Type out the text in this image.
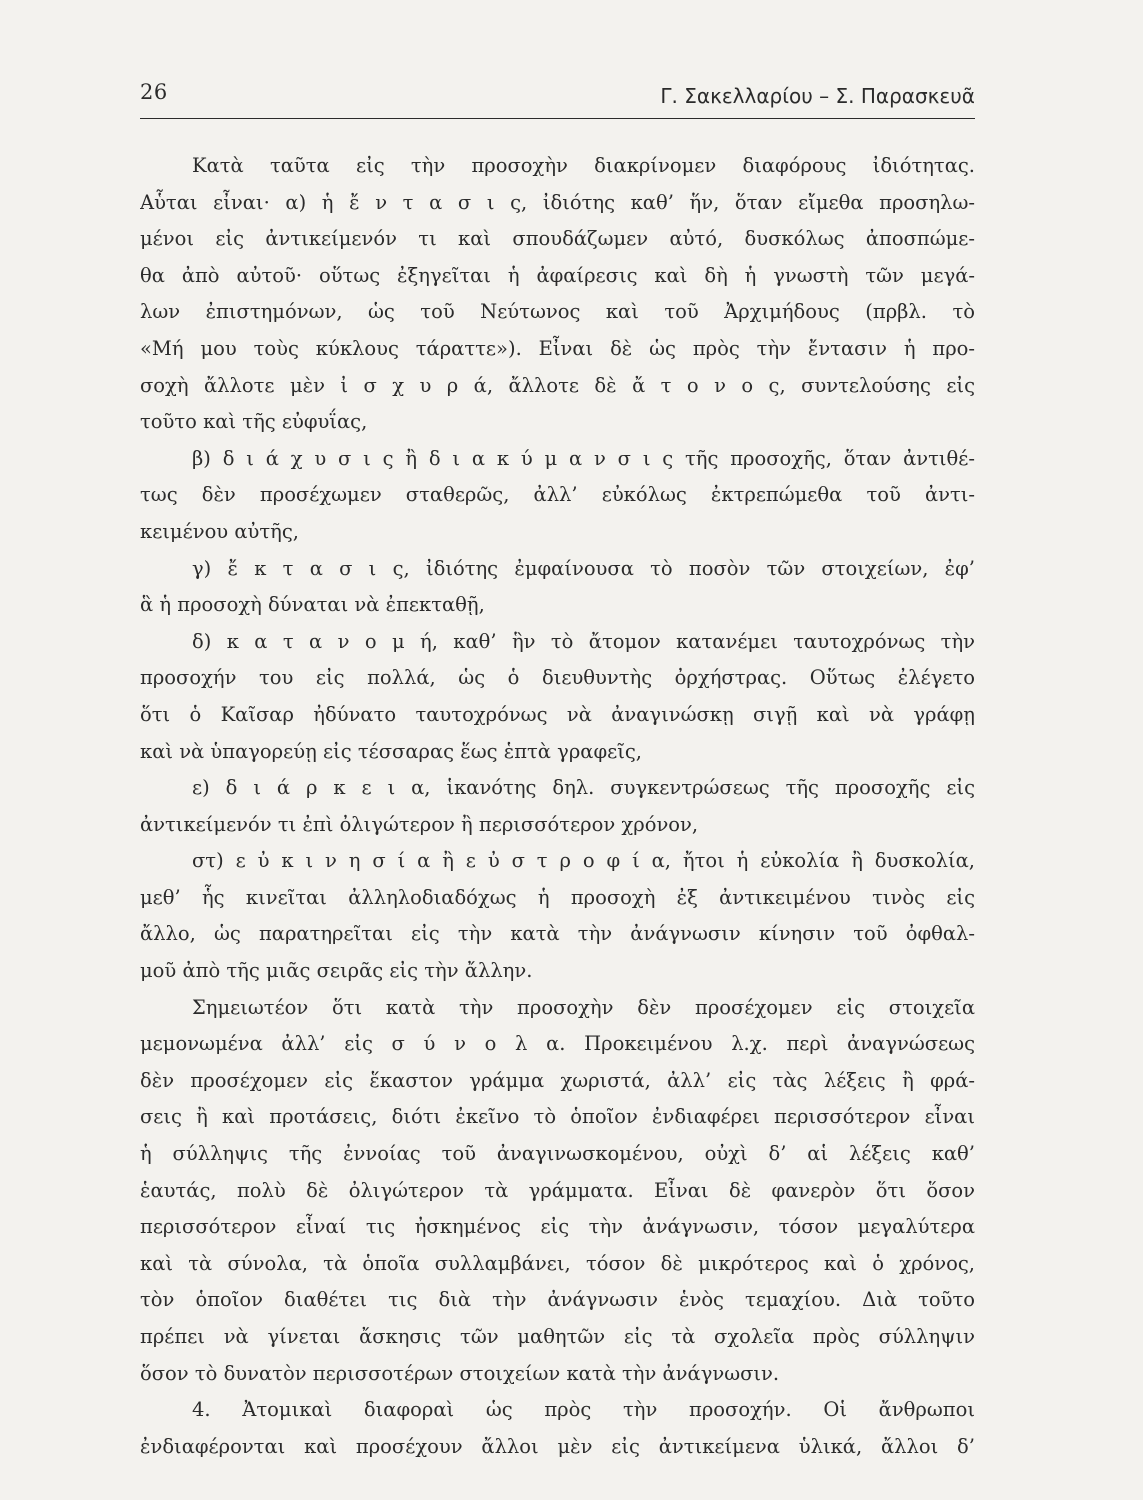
26	Γ. Σακελλαρίου – Σ. Παρασκευᾶ
Κατὰ ταῦτα εἰς τὴν προσοχὴν διακρίνομεν διαφόρους ἰδιότητας.
Αὗται εἶναι· α) ἡ ἔ ν τ α σ ι ς, ἰδιότης καθ’ ἥν, ὅταν εἴμεθα προσηλω-
μένοι εἰς ἀντικείμενόν τι καὶ σπουδάζωμεν αὐτό, δυσκόλως ἀποσπώμε-
θα ἀπὸ αὐτοῦ· οὕτως ἐξηγεῖται ἡ ἀφαίρεσις καὶ δὴ ἡ γνωστὴ τῶν μεγά-
λων ἐπιστημόνων, ὡς τοῦ Νεύτωνος καὶ τοῦ Ἀρχιμήδους (πρβλ. τὸ
«Μή μου τοὺς κύκλους τάραττε»). Εἶναι δὲ ὡς πρὸς τὴν ἔντασιν ἡ προ-
σοχὴ ἄλλοτε μὲν ἰ σ χ υ ρ ά, ἄλλοτε δὲ ἄ τ ο ν ο ς, συντελούσης εἰς
τοῦτο καὶ τῆς εὐφυΐας,
β) δ ι ά χ υ σ ι ς ἢ δ ι α κ ύ μ α ν σ ι ς τῆς προσοχῆς, ὅταν ἀντιθέ-
τως δὲν προσέχωμεν σταθερῶς, ἀλλ’ εὐκόλως ἐκτρεπώμεθα τοῦ ἀντι-
κειμένου αὐτῆς,
γ) ἔ κ τ α σ ι ς, ἰδιότης ἐμφαίνουσα τὸ ποσὸν τῶν στοιχείων, ἐφ’
ἃ ἡ προσοχὴ δύναται νὰ ἐπεκταθῇ,
δ) κ α τ α ν ο μ ή, καθ’ ἣν τὸ ἄτομον κατανέμει ταυτοχρόνως τὴν
προσοχήν του εἰς πολλά, ὡς ὁ διευθυντὴς ὀρχήστρας. Οὕτως ἐλέγετο
ὅτι ὁ Καῖσαρ ἠδύνατο ταυτοχρόνως νὰ ἀναγινώσκῃ σιγῇ καὶ νὰ γράφῃ
καὶ νὰ ὑπαγορεύῃ εἰς τέσσαρας ἕως ἑπτὰ γραφεῖς,
ε) δ ι ά ρ κ ε ι α, ἱκανότης δηλ. συγκεντρώσεως τῆς προσοχῆς εἰς
ἀντικείμενόν τι ἐπὶ ὀλιγώτερον ἢ περισσότερον χρόνον,
στ) ε ὐ κ ι ν η σ ί α ἢ ε ὐ σ τ ρ ο φ ί α, ἤτοι ἡ εὐκολία ἢ δυσκολία,
μεθ’ ἧς κινεῖται ἀλληλοδιαδόχως ἡ προσοχὴ ἐξ ἀντικειμένου τινὸς εἰς
ἄλλο, ὡς παρατηρεῖται εἰς τὴν κατὰ τὴν ἀνάγνωσιν κίνησιν τοῦ ὀφθαλ-
μοῦ ἀπὸ τῆς μιᾶς σειρᾶς εἰς τὴν ἄλλην.
Σημειωτέον ὅτι κατὰ τὴν προσοχὴν δὲν προσέχομεν εἰς στοιχεῖα
μεμονωμένα ἀλλ’ εἰς σ ύ ν ο λ α. Προκειμένου λ.χ. περὶ ἀναγνώσεως
δὲν προσέχομεν εἰς ἕκαστον γράμμα χωριστά, ἀλλ’ εἰς τὰς λέξεις ἢ φρά-
σεις ἢ καὶ προτάσεις, διότι ἐκεῖνο τὸ ὁποῖον ἐνδιαφέρει περισσότερον εἶναι
ἡ σύλληψις τῆς ἐννοίας τοῦ ἀναγινωσκομένου, οὐχὶ δ’ αἱ λέξεις καθ’
ἑαυτάς, πολὺ δὲ ὀλιγώτερον τὰ γράμματα. Εἶναι δὲ φανερὸν ὅτι ὅσον
περισσότερον εἶναί τις ἠσκημένος εἰς τὴν ἀνάγνωσιν, τόσον μεγαλύτερα
καὶ τὰ σύνολα, τὰ ὁποῖα συλλαμβάνει, τόσον δὲ μικρότερος καὶ ὁ χρόνος,
τὸν ὁποῖον διαθέτει τις διὰ τὴν ἀνάγνωσιν ἑνὸς τεμαχίου. Διὰ τοῦτο
πρέπει νὰ γίνεται ἄσκησις τῶν μαθητῶν εἰς τὰ σχολεῖα πρὸς σύλληψιν
ὅσον τὸ δυνατὸν περισσοτέρων στοιχείων κατὰ τὴν ἀνάγνωσιν.
4. Ἀτομικαὶ διαφοραὶ ὡς πρὸς τὴν προσοχήν. Οἱ ἄνθρωποι
ἐνδιαφέρονται καὶ προσέχουν ἄλλοι μὲν εἰς ἀντικείμενα ὑλικά, ἄλλοι δ’
